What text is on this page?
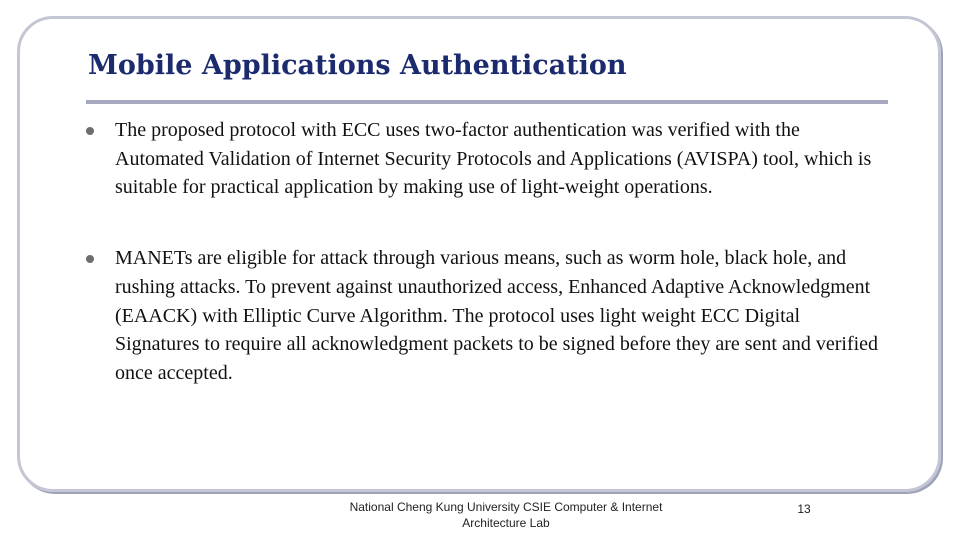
Mobile Applications Authentication
The proposed protocol with ECC uses two-factor authentication was verified with the Automated Validation of Internet Security Protocols and Applications (AVISPA) tool, which is suitable for practical application by making use of light-weight operations.
MANETs are eligible for attack through various means, such as worm hole, black hole, and rushing attacks. To prevent against unauthorized access, Enhanced Adaptive Acknowledgment (EAACK) with Elliptic Curve Algorithm. The protocol uses light weight ECC Digital Signatures to require all acknowledgment packets to be signed before they are sent and verified once accepted.
National Cheng Kung University CSIE Computer & Internet Architecture Lab
13
